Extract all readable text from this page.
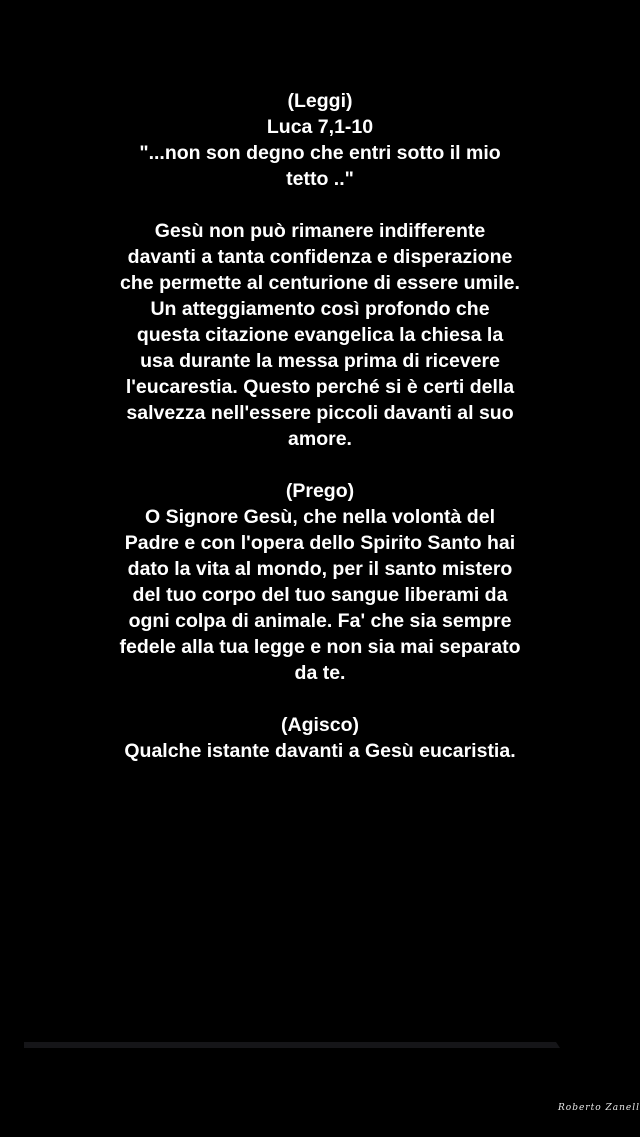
(Leggi)
Luca 7,1-10
"...non son degno che entri sotto il mio
tetto .."
Gesù non può rimanere indifferente
davanti a tanta confidenza e disperazione
che permette al centurione di essere umile.
Un atteggiamento così profondo che
questa citazione evangelica la chiesa la
usa durante la messa prima di ricevere
l'eucarestia. Questo perché si è certi della
salvezza nell'essere piccoli davanti al suo
amore.
(Prego)
O Signore Gesù, che nella volontà del
Padre e con l'opera dello Spirito Santo hai
dato la vita al mondo, per il santo mistero
del tuo corpo del tuo sangue liberami da
ogni colpa di animale. Fa' che sia sempre
fedele alla tua legge e non sia mai separato
da te.
(Agisco)
Qualche istante davanti a Gesù eucaristia.
Roberto Zanell
